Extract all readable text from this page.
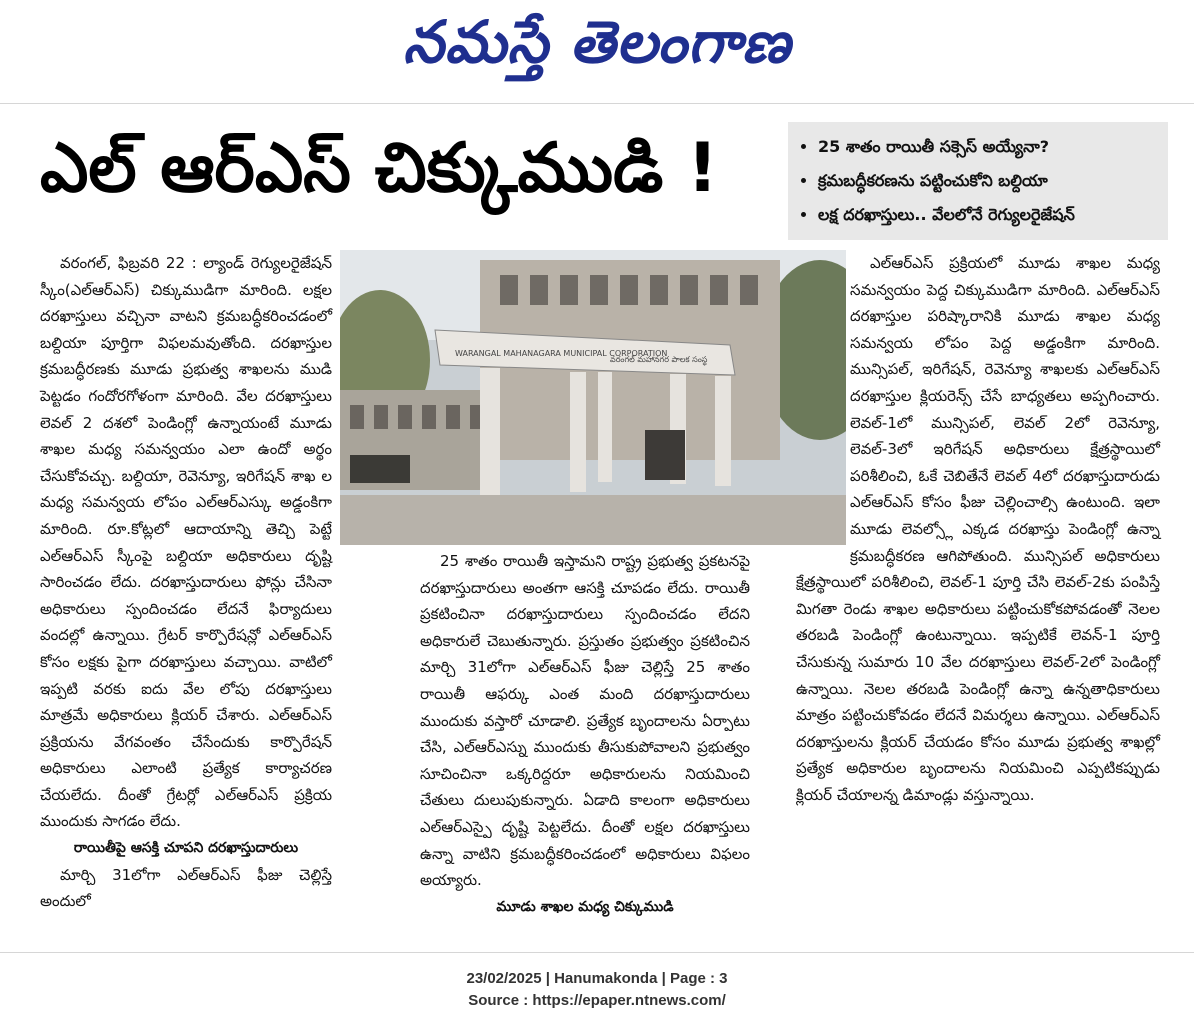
నమస్తే తెలంగాణ
ఎల్ ఆర్ఎస్ చిక్కుముడి !
•	25 శాతం రాయితీ సక్సెస్ అయ్యేనా?
• క్రమబద్ధీకరణను పట్టించుకోని బల్దియా
• లక్ష దరఖాస్తులు.. వేలలోనే రెగ్యులరైజేషన్

వరంగల్, ఫిబ్రవరి 22 : ల్యాండ్ రెగ్యులరైజేషన్ స్కీం(ఎల్ఆర్ఎస్) చిక్కుముడిగా మారింది. లక్షల దరఖాస్తులు వచ్చినా వాటని క్రమబద్ధీకరించడంలో బల్దియా పూర్తిగా విఫలమవుతోంది. దరఖాస్తుల క్రమబద్ధీరణకు మూడు ప్రభుత్వ శాఖలను ముడి పెట్టడం గందోరగోళంగా మారింది. వేల దరఖాస్తులు లెవల్ 2 దశలో పెండింగ్లో ఉన్నాయంటే మూడు శాఖల మధ్య సమన్వయం ఎలా ఉందో అర్థం చేసుకోవచ్చు. బల్దియా, రెవెన్యూ, ఇరిగేషన్ శాఖ ల మధ్య సమన్వయ లోపం ఎల్ఆర్ఎస్కు అడ్డంకిగా మారింది. రూ.కోట్లలో ఆదాయాన్ని తెచ్చి పెట్టే ఎల్ఆర్ఎస్ స్కీంపై బల్దియా అధికారులు దృష్టి సారించడం లేదు. దరఖాస్తుదారులు ఫోన్లు చేసినా అధికారులు స్పందించడం లేదనే ఫిర్యాదులు వందల్లో ఉన్నాయి. గ్రేటర్ కార్పొరేషన్లో ఎల్ఆర్ఎస్ కోసం లక్షకు పైగా దరఖాస్తులు వచ్చాయి. వాటిలో ఇప్పటి వరకు ఐదు వేల లోపు దరఖాస్తులు మాత్రమే అధికారులు క్లియర్ చేశారు. ఎల్ఆర్ఎస్ ప్రక్రియను వేగవంతం చేసేందుకు కార్పొరేషన్ అధికారులు ఎలాంటి ప్రత్యేక కార్యాచరణ చేయలేదు. దీంతో గ్రేటర్లో ఎల్ఆర్ఎస్ ప్రక్రియ ముందుకు సాగడం లేదు.

రాయితీపై ఆసక్తి చూపని దరఖాస్తుదారులు

మార్చి 31లోగా ఎల్ఆర్ఎస్ ఫీజు చెల్లిస్తే అందులో

WARANGAL MAHANAGARA MUNICIPAL CORPORATION
వరంగల్ మహానగర పాలక సంస్థ

25 శాతం రాయితీ ఇస్తామని రాష్ట్ర ప్రభుత్వ ప్రకటనపై దరఖాస్తుదారులు అంతగా ఆసక్తి చూపడం లేదు. రాయితీ ప్రకటించినా దరఖాస్తుదారులు స్పందించడం లేదని అధికారులే చెబుతున్నారు. ప్రస్తుతం ప్రభుత్వం ప్రకటించిన మార్చి 31లోగా ఎల్ఆర్ఎస్ ఫీజు చెల్లిస్తే 25 శాతం రాయితీ ఆఫర్కు ఎంత మంది దరఖాస్తుదారులు ముందుకు వస్తారో చూడాలి. ప్రత్యేక బృందాలను ఏర్పాటు చేసి, ఎల్ఆర్ఎస్ను ముందుకు తీసుకుపోవాలని ప్రభుత్వం సూచించినా ఒక్కరిద్దరూ అధికారులను నియమించి చేతులు దులుపుకున్నారు. ఏడాది కాలంగా అధికారులు ఎల్ఆర్ఎస్పై దృష్టి పెట్టలేదు. దీంతో లక్షల దరఖాస్తులు ఉన్నా వాటిని క్రమబద్ధీకరించడంలో అధికారులు విఫలం అయ్యారు.

మూడు శాఖల మధ్య చిక్కుముడి

ఎల్ఆర్ఎస్ ప్రక్రియలో మూడు శాఖల మధ్య సమన్వయం పెద్ద చిక్కుముడిగా మారింది. ఎల్ఆర్ఎస్ దరఖాస్తుల పరిష్కారానికి మూడు శాఖల మధ్య సమన్వయ లోపం పెద్ద అడ్డంకిగా మారింది. మున్సిపల్, ఇరిగేషన్, రెవెన్యూ శాఖలకు ఎల్ఆర్ఎస్ దరఖాస్తుల క్లియరెన్స్ చేసే బాధ్యతలు అప్పగించారు. లెవల్-1లో మున్సిపల్, లెవల్ 2లో రెవెన్యూ, లెవల్-3లో ఇరిగేషన్ అధికారులు క్షేత్రస్థాయిలో పరిశీలించి, ఓకే చెబితేనే లెవల్ 4లో దరఖాస్తుదారుడు ఎల్ఆర్ఎస్ కోసం ఫీజు చెల్లించాల్సి ఉంటుంది. ఇలా మూడు లెవల్స్లో ఎక్కడ దరఖాస్తు పెండింగ్లో ఉన్నా క్రమబద్ధీకరణ ఆగిపోతుంది. మున్సిపల్ అధికారులు క్షేత్రస్థాయిలో పరిశీలించి, లెవల్-1 పూర్తి చేసి లెవల్-2కు పంపిస్తే మిగతా రెండు శాఖల అధికారులు పట్టించుకోకపోవడంతో నెలల తరబడి పెండింగ్లో ఉంటున్నాయి. ఇప్పటికే లెవన్-1 పూర్తి చేసుకున్న సుమారు 10 వేల దరఖాస్తులు లెవల్-2లో పెండింగ్లో ఉన్నాయి. నెలల తరబడి పెండింగ్లో ఉన్నా ఉన్నతాధికారులు మాత్రం పట్టించుకోవడం లేదనే విమర్శలు ఉన్నాయి. ఎల్ఆర్ఎస్ దరఖాస్తులను క్లియర్ చేయడం కోసం మూడు ప్రభుత్వ శాఖల్లో ప్రత్యేక అధికారుల బృందాలను నియమించి ఎప్పటికప్పుడు క్లియర్ చేయాలన్న డిమాండ్లు వస్తున్నాయి.

23/02/2025 | Hanumakonda | Page : 3
Source : https://epaper.ntnews.com/
